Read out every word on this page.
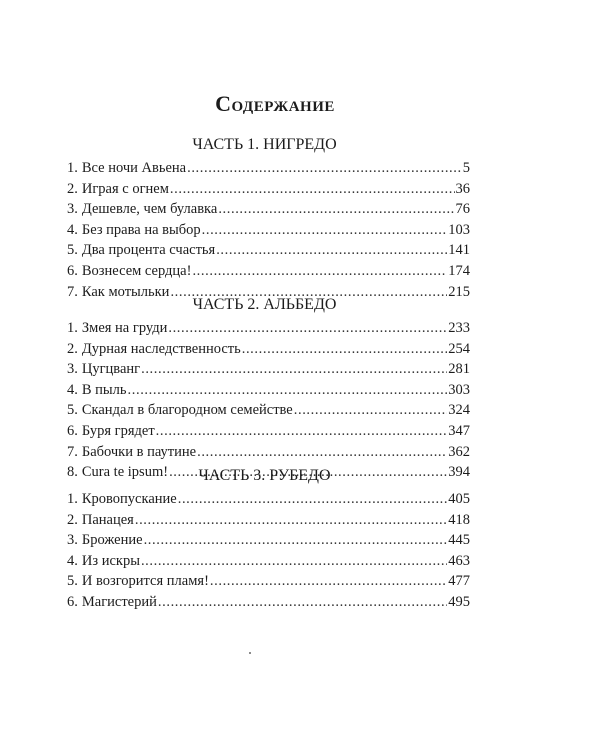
Содержание
ЧАСТЬ 1. НИГРЕДО
1. Все ночи Авьена .....	5
2. Играя с огнем .....	36
3. Дешевле, чем булавка .....	76
4. Без права на выбор .....	103
5. Два процента счастья .....	141
6. Вознесем сердца! .....	174
7. Как мотыльки .....	215
ЧАСТЬ 2. АЛЬБЕДО
1. Змея на груди .....	233
2. Дурная наследственность .....	254
3. Цугцванг .....	281
4. В пыль .....	303
5. Скандал в благородном семействе .....	324
6. Буря грядет .....	347
7. Бабочки в паутине .....	362
8. Cura te ipsum! .....	394
ЧАСТЬ 3. РУБЕДО
1. Кровопускание .....	405
2. Панацея .....	418
3. Брожение .....	445
4. Из искры .....	463
5. И возгорится пламя! .....	477
6. Магистерий .....	495
